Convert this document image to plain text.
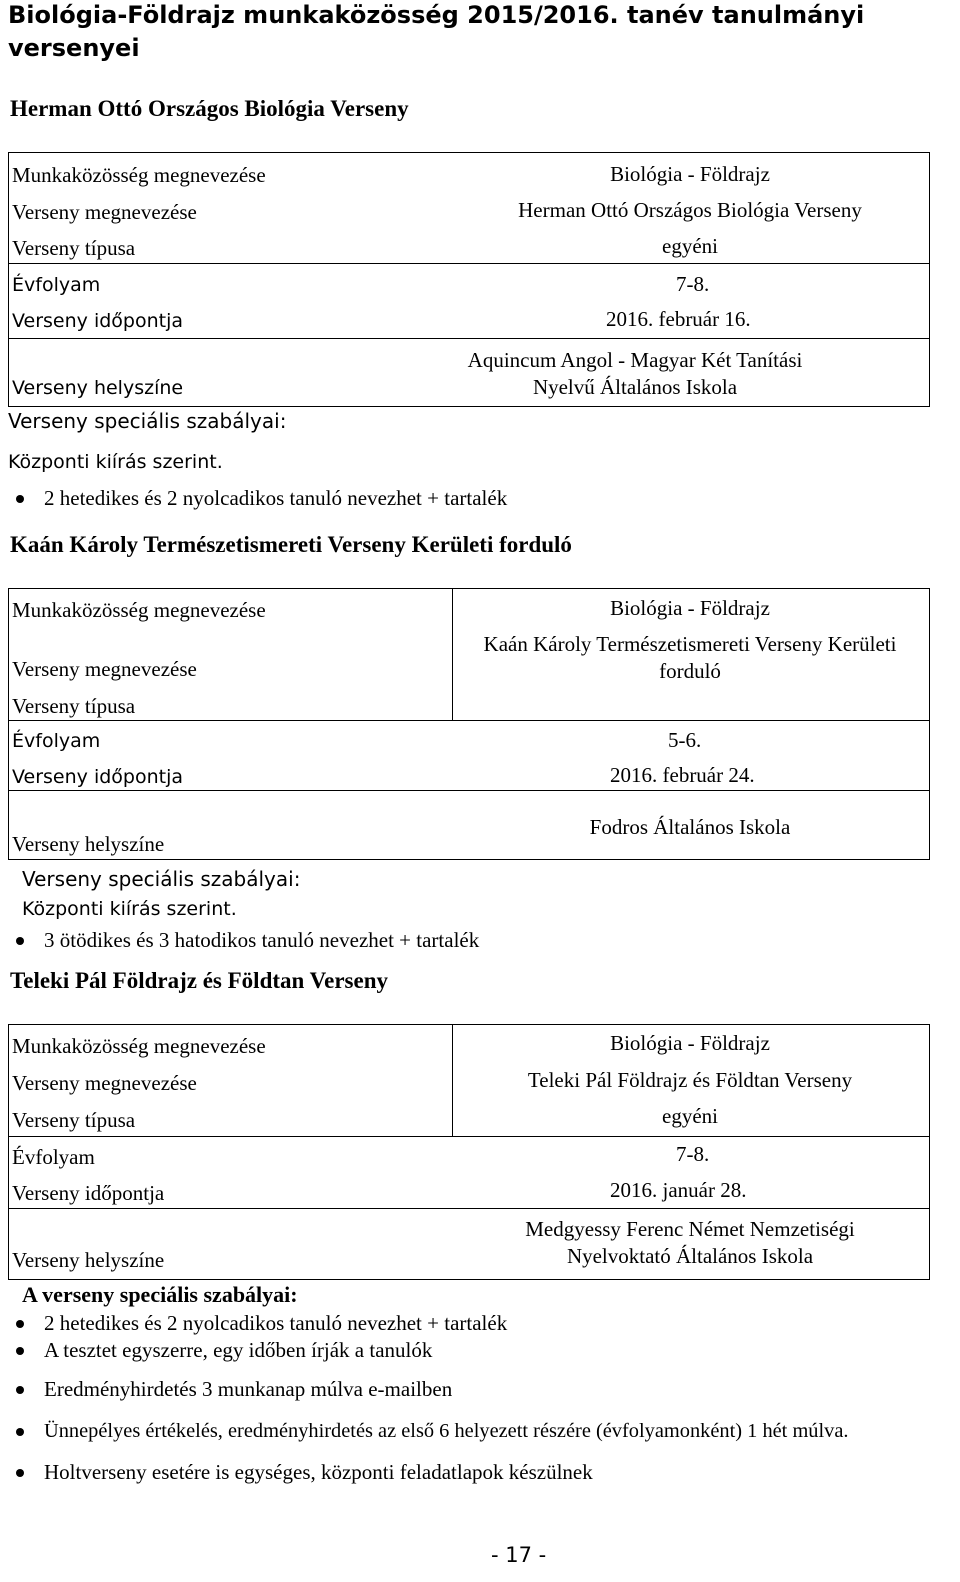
Biológia-Földrajz munkaközösség 2015/2016. tanév tanulmányi
versenyei
Herman Ottó Országos Biológia Verseny
Munkaközösség megnevezése
Verseny megnevezése
Verseny típusa
Évfolyam
Verseny időpontja
Verseny helyszíne
Biológia - Földrajz
Herman Ottó Országos Biológia Verseny
egyéni
7-8.
2016. február 16.
Aquincum Angol - Magyar Két Tanítási Nyelvű Általános Iskola
Verseny speciális szabályai:
Központi kiírás szerint.
2 hetedikes és 2 nyolcadikos tanuló nevezhet + tartalék
Kaán Károly Természetismereti Verseny Kerületi forduló
Munkaközösség megnevezése
Verseny megnevezése
Verseny típusa
Évfolyam
Verseny időpontja
Verseny helyszíne
Biológia - Földrajz
Kaán Károly Természetismereti Verseny Kerületi forduló
5-6.
2016. február 24.
Fodros Általános Iskola
Verseny speciális szabályai:
Központi kiírás szerint.
3 ötödikes és 3 hatodikos tanuló nevezhet + tartalék
Teleki Pál Földrajz és Földtan Verseny
Munkaközösség megnevezése
Verseny megnevezése
Verseny típusa
Évfolyam
Verseny időpontja
Verseny helyszíne
Biológia - Földrajz
Teleki Pál Földrajz és Földtan Verseny
egyéni
7-8.
2016. január 28.
Medgyessy Ferenc Német Nemzetiségi Nyelvoktató Általános Iskola
A verseny speciális szabályai:
2 hetedikes és 2 nyolcadikos tanuló nevezhet + tartalék
A tesztet egyszerre, egy időben írják a tanulók
Eredményhirdetés 3 munkanap múlva e-mailben
Ünnepélyes értékelés, eredményhirdetés az első 6 helyezett részére (évfolyamonként) 1 hét múlva.
Holtverseny esetére is egységes, központi feladatlapok készülnek
- 17 -
